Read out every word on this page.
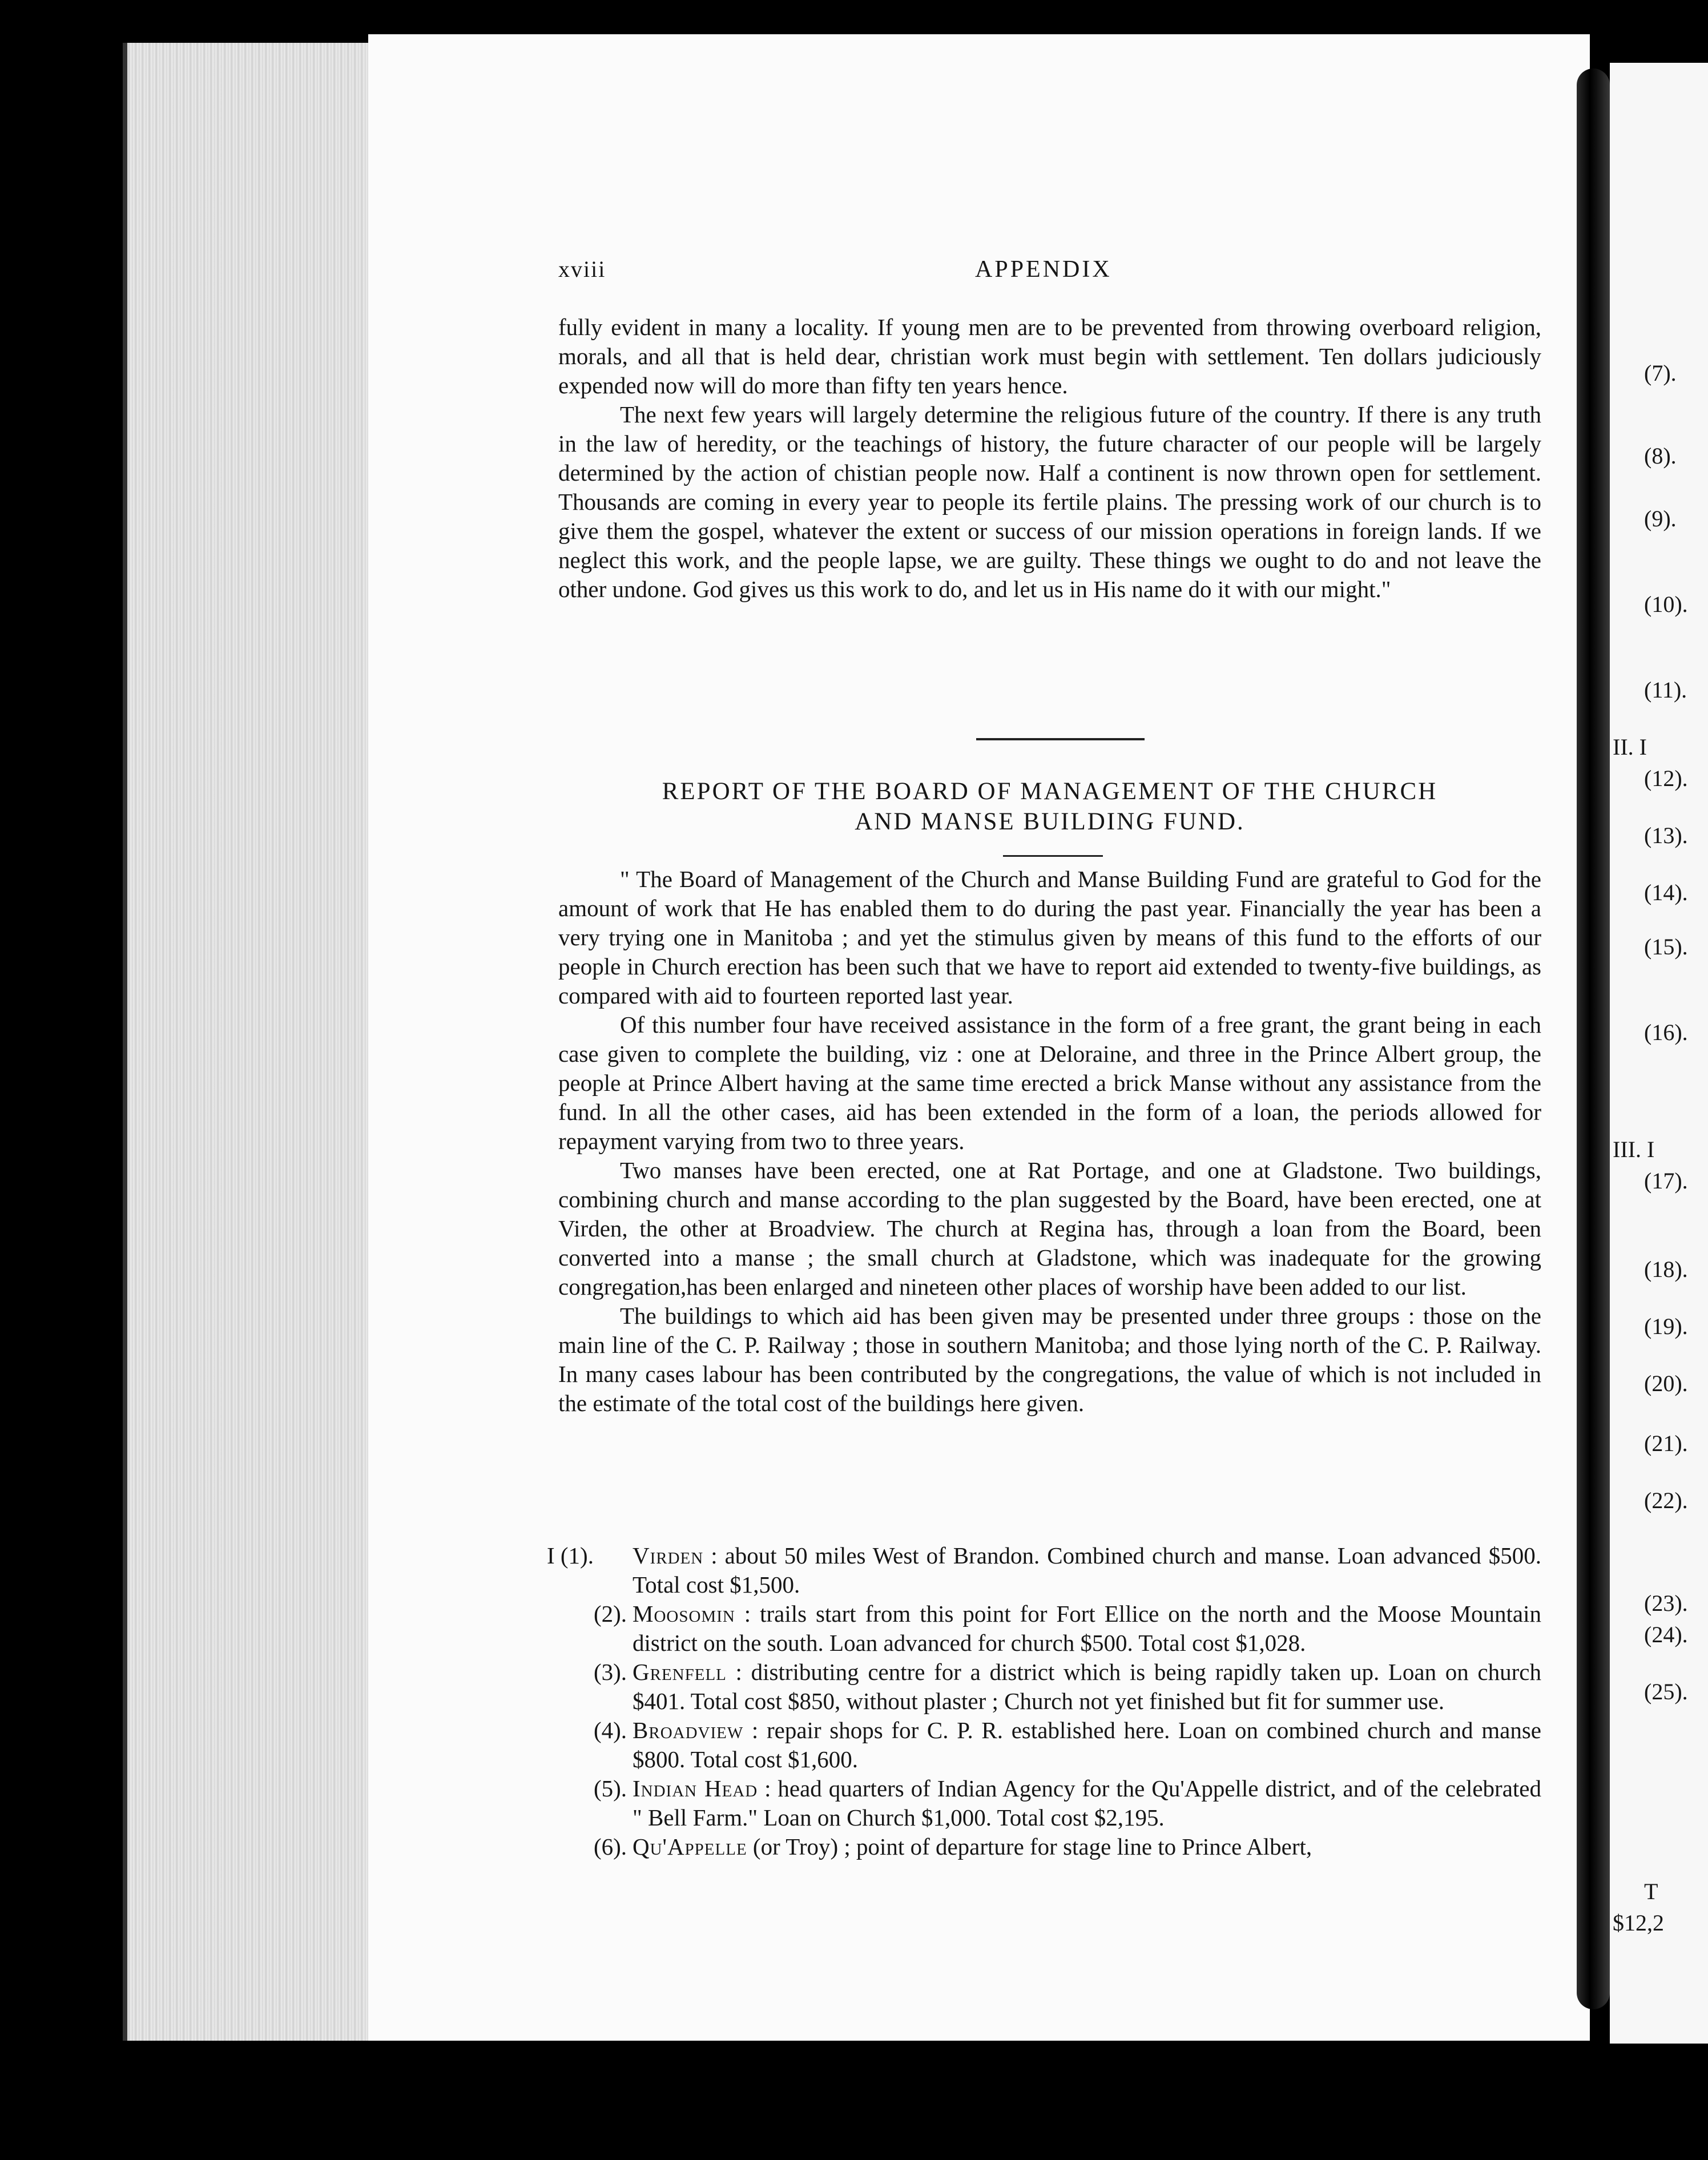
xviii	APPENDIX

fully evident in many a locality. If young men are to be prevented from throwing overboard religion, morals, and all that is held dear, christian work must begin with settlement. Ten dollars judiciously expended now will do more than fifty ten years hence.

The next few years will largely determine the religious future of the country. If there is any truth in the law of heredity, or the teachings of history, the future character of our people will be largely determined by the action of chistian people now. Half a continent is now thrown open for settlement. Thousands are coming in every year to people its fertile plains. The pressing work of our church is to give them the gospel, whatever the extent or success of our mission operations in foreign lands. If we neglect this work, and the people lapse, we are guilty. These things we ought to do and not leave the other undone. God gives us this work to do, and let us in His name do it with our might."

REPORT OF THE BOARD OF MANAGEMENT OF THE CHURCH
AND MANSE BUILDING FUND.

" The Board of Management of the Church and Manse Building Fund are grateful to God for the amount of work that He has enabled them to do during the past year. Financially the year has been a very trying one in Manitoba ; and yet the stimulus given by means of this fund to the efforts of our people in Church erection has been such that we have to report aid extended to twenty-five buildings, as compared with aid to fourteen reported last year.

Of this number four have received assistance in the form of a free grant, the grant being in each case given to complete the building, viz : one at Deloraine, and three in the Prince Albert group, the people at Prince Albert having at the same time erected a brick Manse without any assistance from the fund. In all the other cases, aid has been extended in the form of a loan, the periods allowed for repayment varying from two to three years.

Two manses have been erected, one at Rat Portage, and one at Gladstone. Two buildings, combining church and manse according to the plan suggested by the Board, have been erected, one at Virden, the other at Broadview. The church at Regina has, through a loan from the Board, been converted into a manse ; the small church at Gladstone, which was inadequate for the growing congregation,has been enlarged and nineteen other places of worship have been added to our list.

The buildings to which aid has been given may be presented under three groups : those on the main line of the C. P. Railway ; those in southern Manitoba; and those lying north of the C. P. Railway. In many cases labour has been contributed by the congregations, the value of which is not included in the estimate of the total cost of the buildings here given.

I (1).	Virden : about 50 miles West of Brandon. Combined church and manse. Loan advanced $500. Total cost $1,500.
(2). Moosomin : trails start from this point for Fort Ellice on the north and the Moose Mountain district on the south. Loan advanced for church $500. Total cost $1,028.
(3). Grenfell : distributing centre for a district which is being rapidly taken up. Loan on church $401. Total cost $850, without plaster ; Church not yet finished but fit for summer use.
(4). Broadview : repair shops for C. P. R. established here. Loan on combined church and manse $800. Total cost $1,600.
(5). Indian Head : head quarters of Indian Agency for the Qu'Appelle district, and of the celebrated " Bell Farm." Loan on Church $1,000. Total cost $2,195.
(6). Qu'Appelle (or Troy) ; point of departure for stage line to Prince Albert,
(7).
(8).
(9).
(10).
(11).
II. I
(12).
(13).
(14).
(15).
(16).
III. I
(17).
(18).
(19).
(20).
(21).
(22).
(23).
(24).
(25).
T
$12,2
